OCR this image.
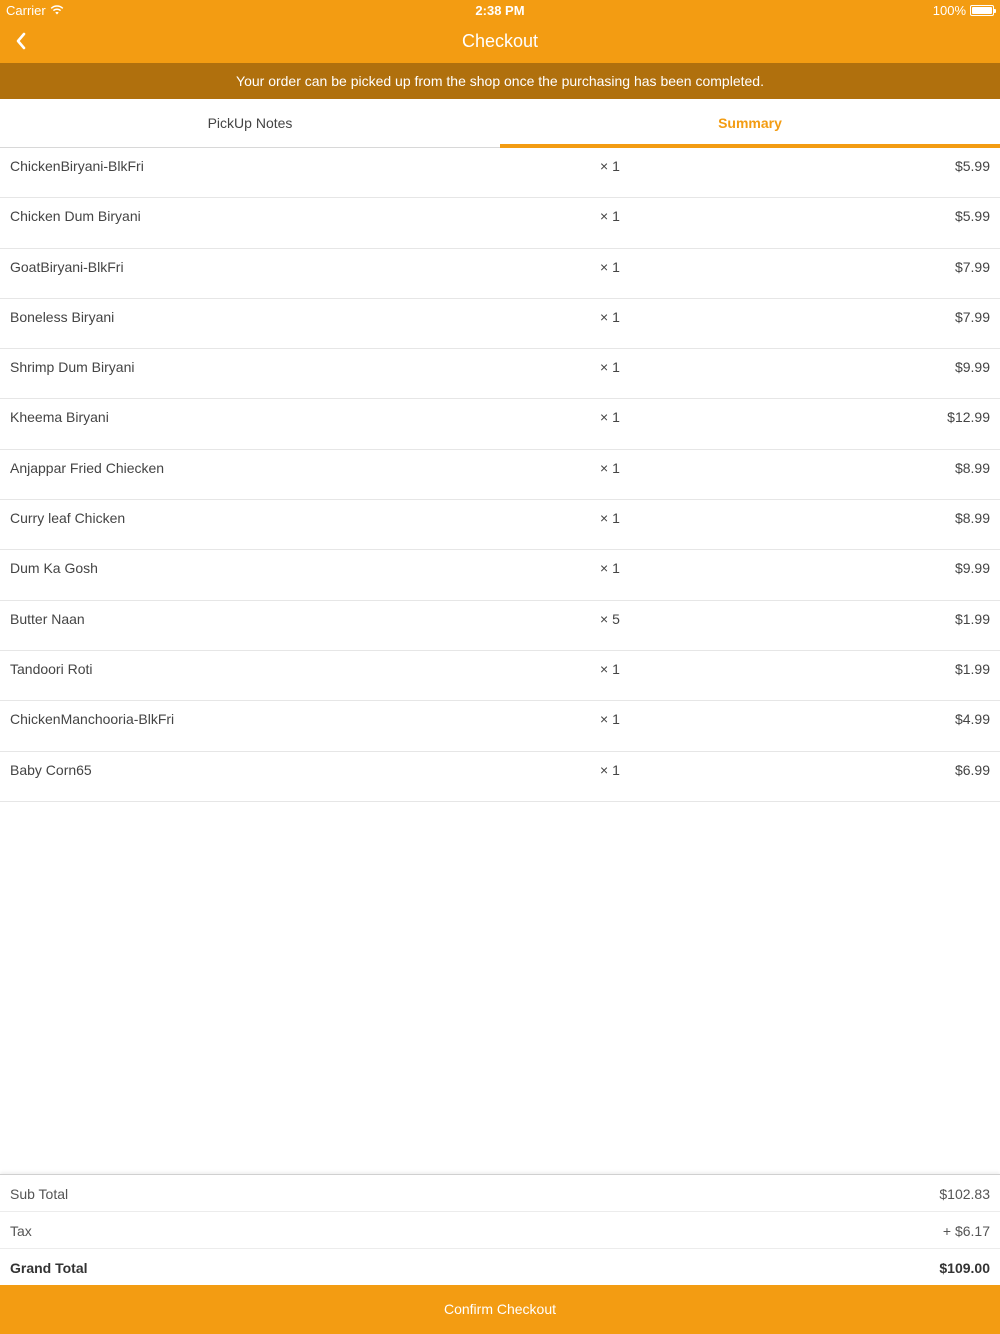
Carrier	2:38 PM	100%
Checkout
Your order can be picked up from the shop once the purchasing has been completed.
PickUp Notes	Summary
ChickenBiryani-BlkFri	× 1	$5.99
Chicken Dum Biryani	× 1	$5.99
GoatBiryani-BlkFri	× 1	$7.99
Boneless Biryani	× 1	$7.99
Shrimp Dum Biryani	× 1	$9.99
Kheema Biryani	× 1	$12.99
Anjappar Fried Chiecken	× 1	$8.99
Curry leaf Chicken	× 1	$8.99
Dum Ka Gosh	× 1	$9.99
Butter Naan	× 5	$1.99
Tandoori Roti	× 1	$1.99
ChickenManchooria-BlkFri	× 1	$4.99
Baby Corn65	× 1	$6.99
Sub Total	$102.83
Tax	+ $6.17
Grand Total	$109.00
Confirm Checkout
